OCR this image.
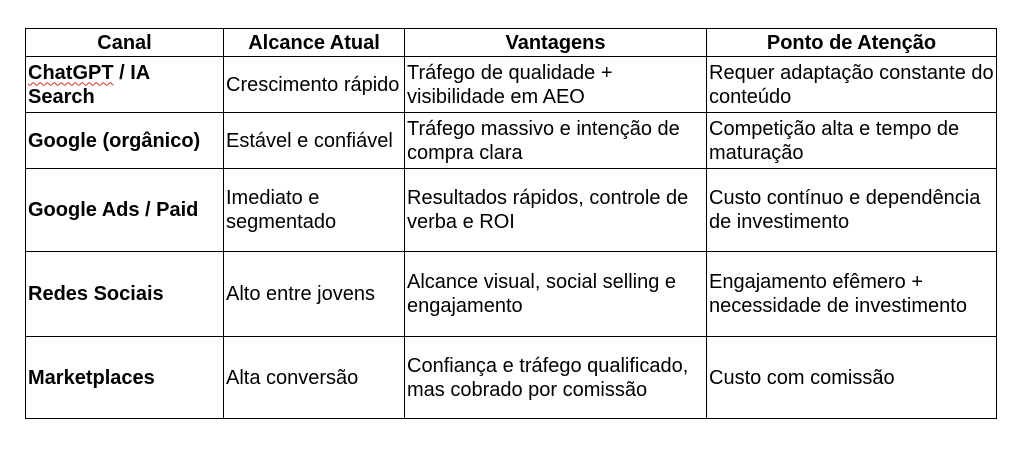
Canal	Alcance Atual	Vantagens	Ponto de Atenção
ChatGPT / IA Search	Crescimento rápido	Tráfego de qualidade + visibilidade em AEO	Requer adaptação constante do conteúdo
Google (orgânico)	Estável e confiável	Tráfego massivo e intenção de compra clara	Competição alta e tempo de maturação
Google Ads / Paid	Imediato e segmentado	Resultados rápidos, controle de verba e ROI	Custo contínuo e dependência de investimento
Redes Sociais	Alto entre jovens	Alcance visual, social selling e engajamento	Engajamento efêmero + necessidade de investimento
Marketplaces	Alta conversão	Confiança e tráfego qualificado, mas cobrado por comissão	Custo com comissão
